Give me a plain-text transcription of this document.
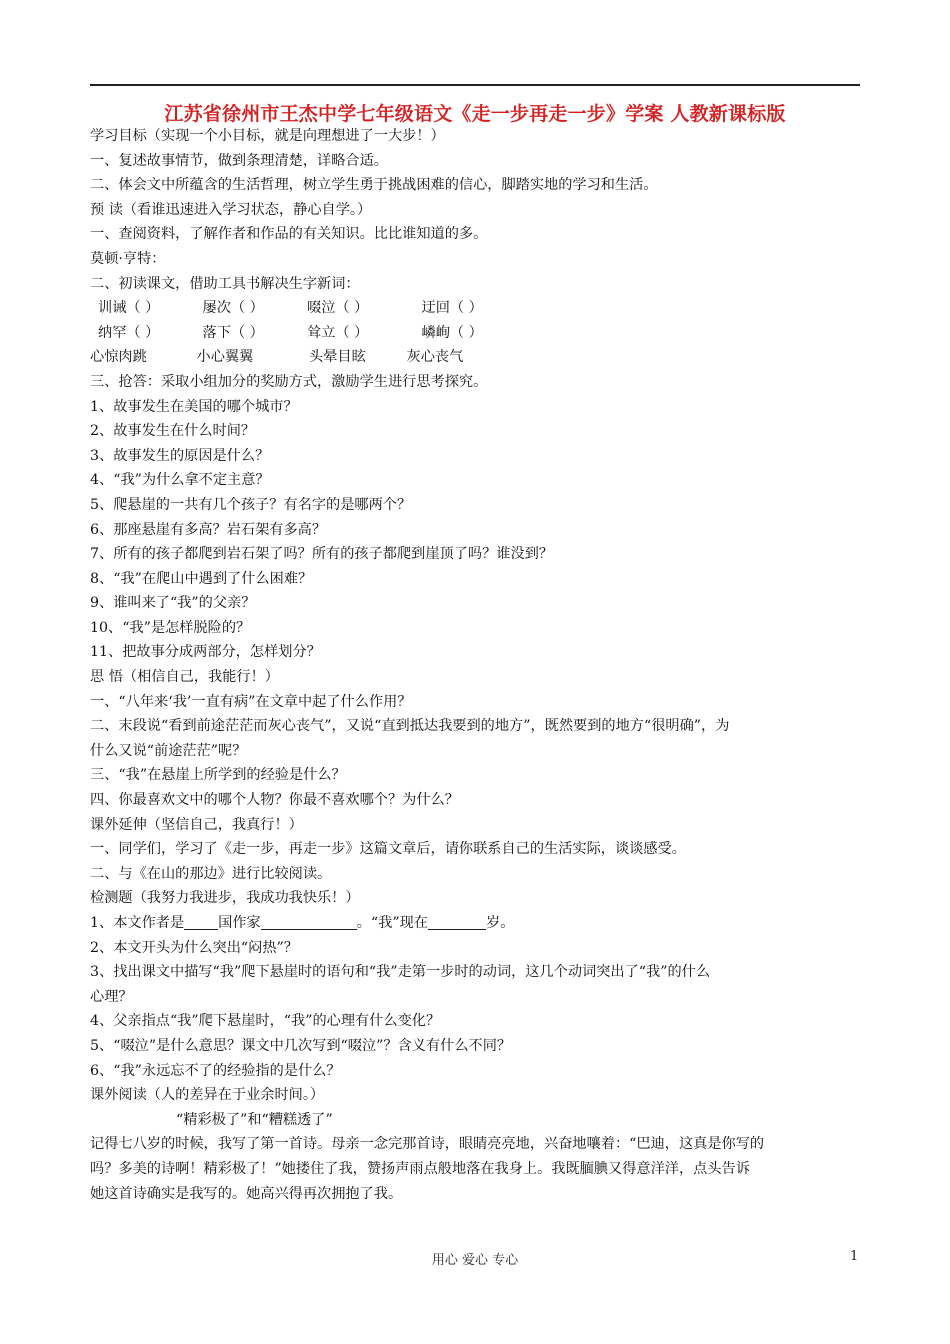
江苏省徐州市王杰中学七年级语文《走一步再走一步》学案 人教新课标版
学习目标（实现一个小目标，就是向理想进了一大步！）
一、复述故事情节，做到条理清楚，详略合适。
二、体会文中所蕴含的生活哲理，树立学生勇于挑战困难的信心，脚踏实地的学习和生活。
预 读（看谁迅速进入学习状态，静心自学。）
一、查阅资料，了解作者和作品的有关知识。比比谁知道的多。
莫顿·亨特：
二、初读课文，借助工具书解决生字新词：
训诫（ ）	屡次（ ）	啜泣（ ）	迂回（ ）
纳罕（ ）	落下（ ）	耸立（ ）	嶙峋（ ）
心惊肉跳	小心翼翼	头晕目眩	灰心丧气
三、抢答：采取小组加分的奖励方式，激励学生进行思考探究。
1、故事发生在美国的哪个城市？
2、故事发生在什么时间？
3、故事发生的原因是什么？
4、“我”为什么拿不定主意？
5、爬悬崖的一共有几个孩子？有名字的是哪两个？
6、那座悬崖有多高？岩石架有多高？
7、所有的孩子都爬到岩石架了吗？所有的孩子都爬到崖顶了吗？谁没到？
8、“我”在爬山中遇到了什么困难？
9、谁叫来了“我”的父亲？
10、“我”是怎样脱险的？
11、把故事分成两部分，怎样划分？
思 悟（相信自己，我能行！）
一、“八年来‘我’一直有病”在文章中起了什么作用？
二、末段说“看到前途茫茫而灰心丧气”，又说“直到抵达我要到的地方”，既然要到的地方“很明确”，为
什么又说“前途茫茫”呢？
三、“我”在悬崖上所学到的经验是什么？
四、你最喜欢文中的哪个人物？你最不喜欢哪个？为什么？
课外延伸（坚信自己，我真行！）
一、同学们，学习了《走一步，再走一步》这篇文章后，请你联系自己的生活实际，谈谈感受。
二、与《在山的那边》进行比较阅读。
检测题（我努力我进步，我成功我快乐！）
1、本文作者是 国作家	。“我”现在	岁。
2、本文开头为什么突出“闷热”？
3、找出课文中描写“我”爬下悬崖时的语句和“我”走第一步时的动词，这几个动词突出了“我”的什么
心理？
4、父亲指点“我”爬下悬崖时，“我”的心理有什么变化？
5、“啜泣”是什么意思？课文中几次写到“啜泣”？含义有什么不同？
6、“我”永远忘不了的经验指的是什么？
课外阅读（人的差异在于业余时间。）
“精彩极了”和“糟糕透了”
记得七八岁的时候，我写了第一首诗。母亲一念完那首诗，眼睛亮亮地，兴奋地嚷着：“巴迪，这真是你写的
吗？多美的诗啊！精彩极了！”她搂住了我，赞扬声雨点般地落在我身上。我既腼腆又得意洋洋，点头告诉
她这首诗确实是我写的。她高兴得再次拥抱了我。
用心 爱心 专心	1
